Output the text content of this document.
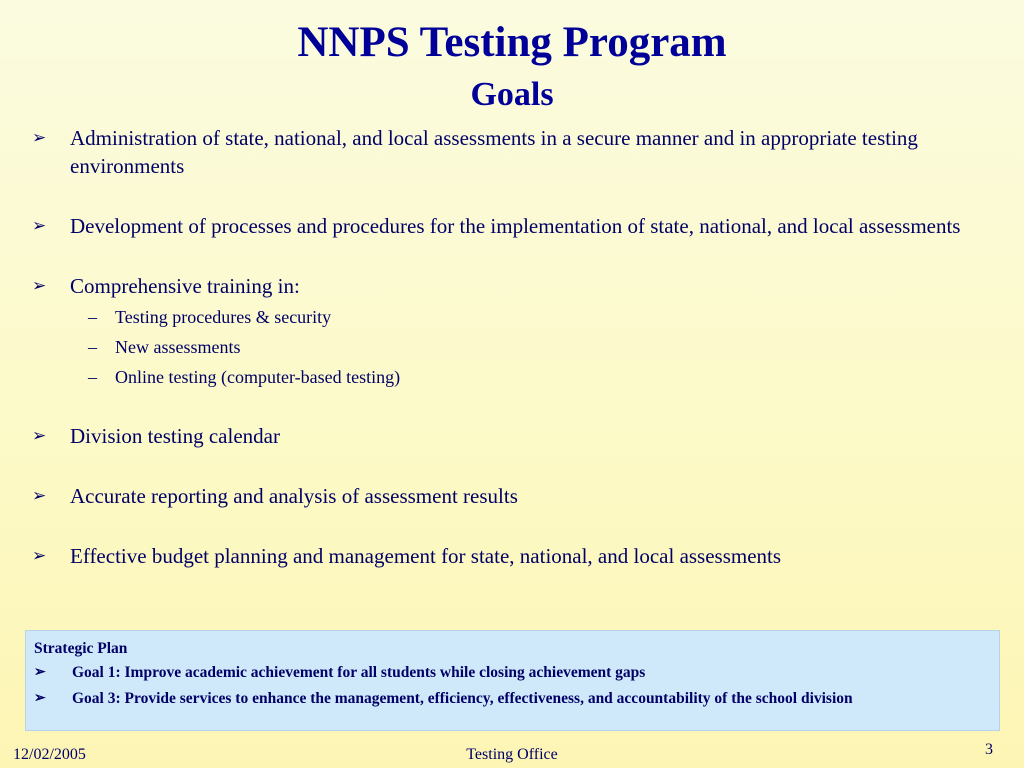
NNPS Testing Program
Goals
➢ Administration of state, national, and local assessments in a secure manner and in appropriate testing environments
➢ Development of processes and procedures for the implementation of state, national, and local assessments
➢ Comprehensive training in:
– Testing procedures & security
– New assessments
– Online testing (computer-based testing)
➢ Division testing calendar
➢ Accurate reporting and analysis of assessment results
➢ Effective budget planning and management for state, national, and local assessments
Strategic Plan
➢ Goal 1: Improve academic achievement for all students while closing achievement gaps
➢ Goal 3: Provide services to enhance the management, efficiency, effectiveness, and accountability of the school division
12/02/2005	Testing Office	3
